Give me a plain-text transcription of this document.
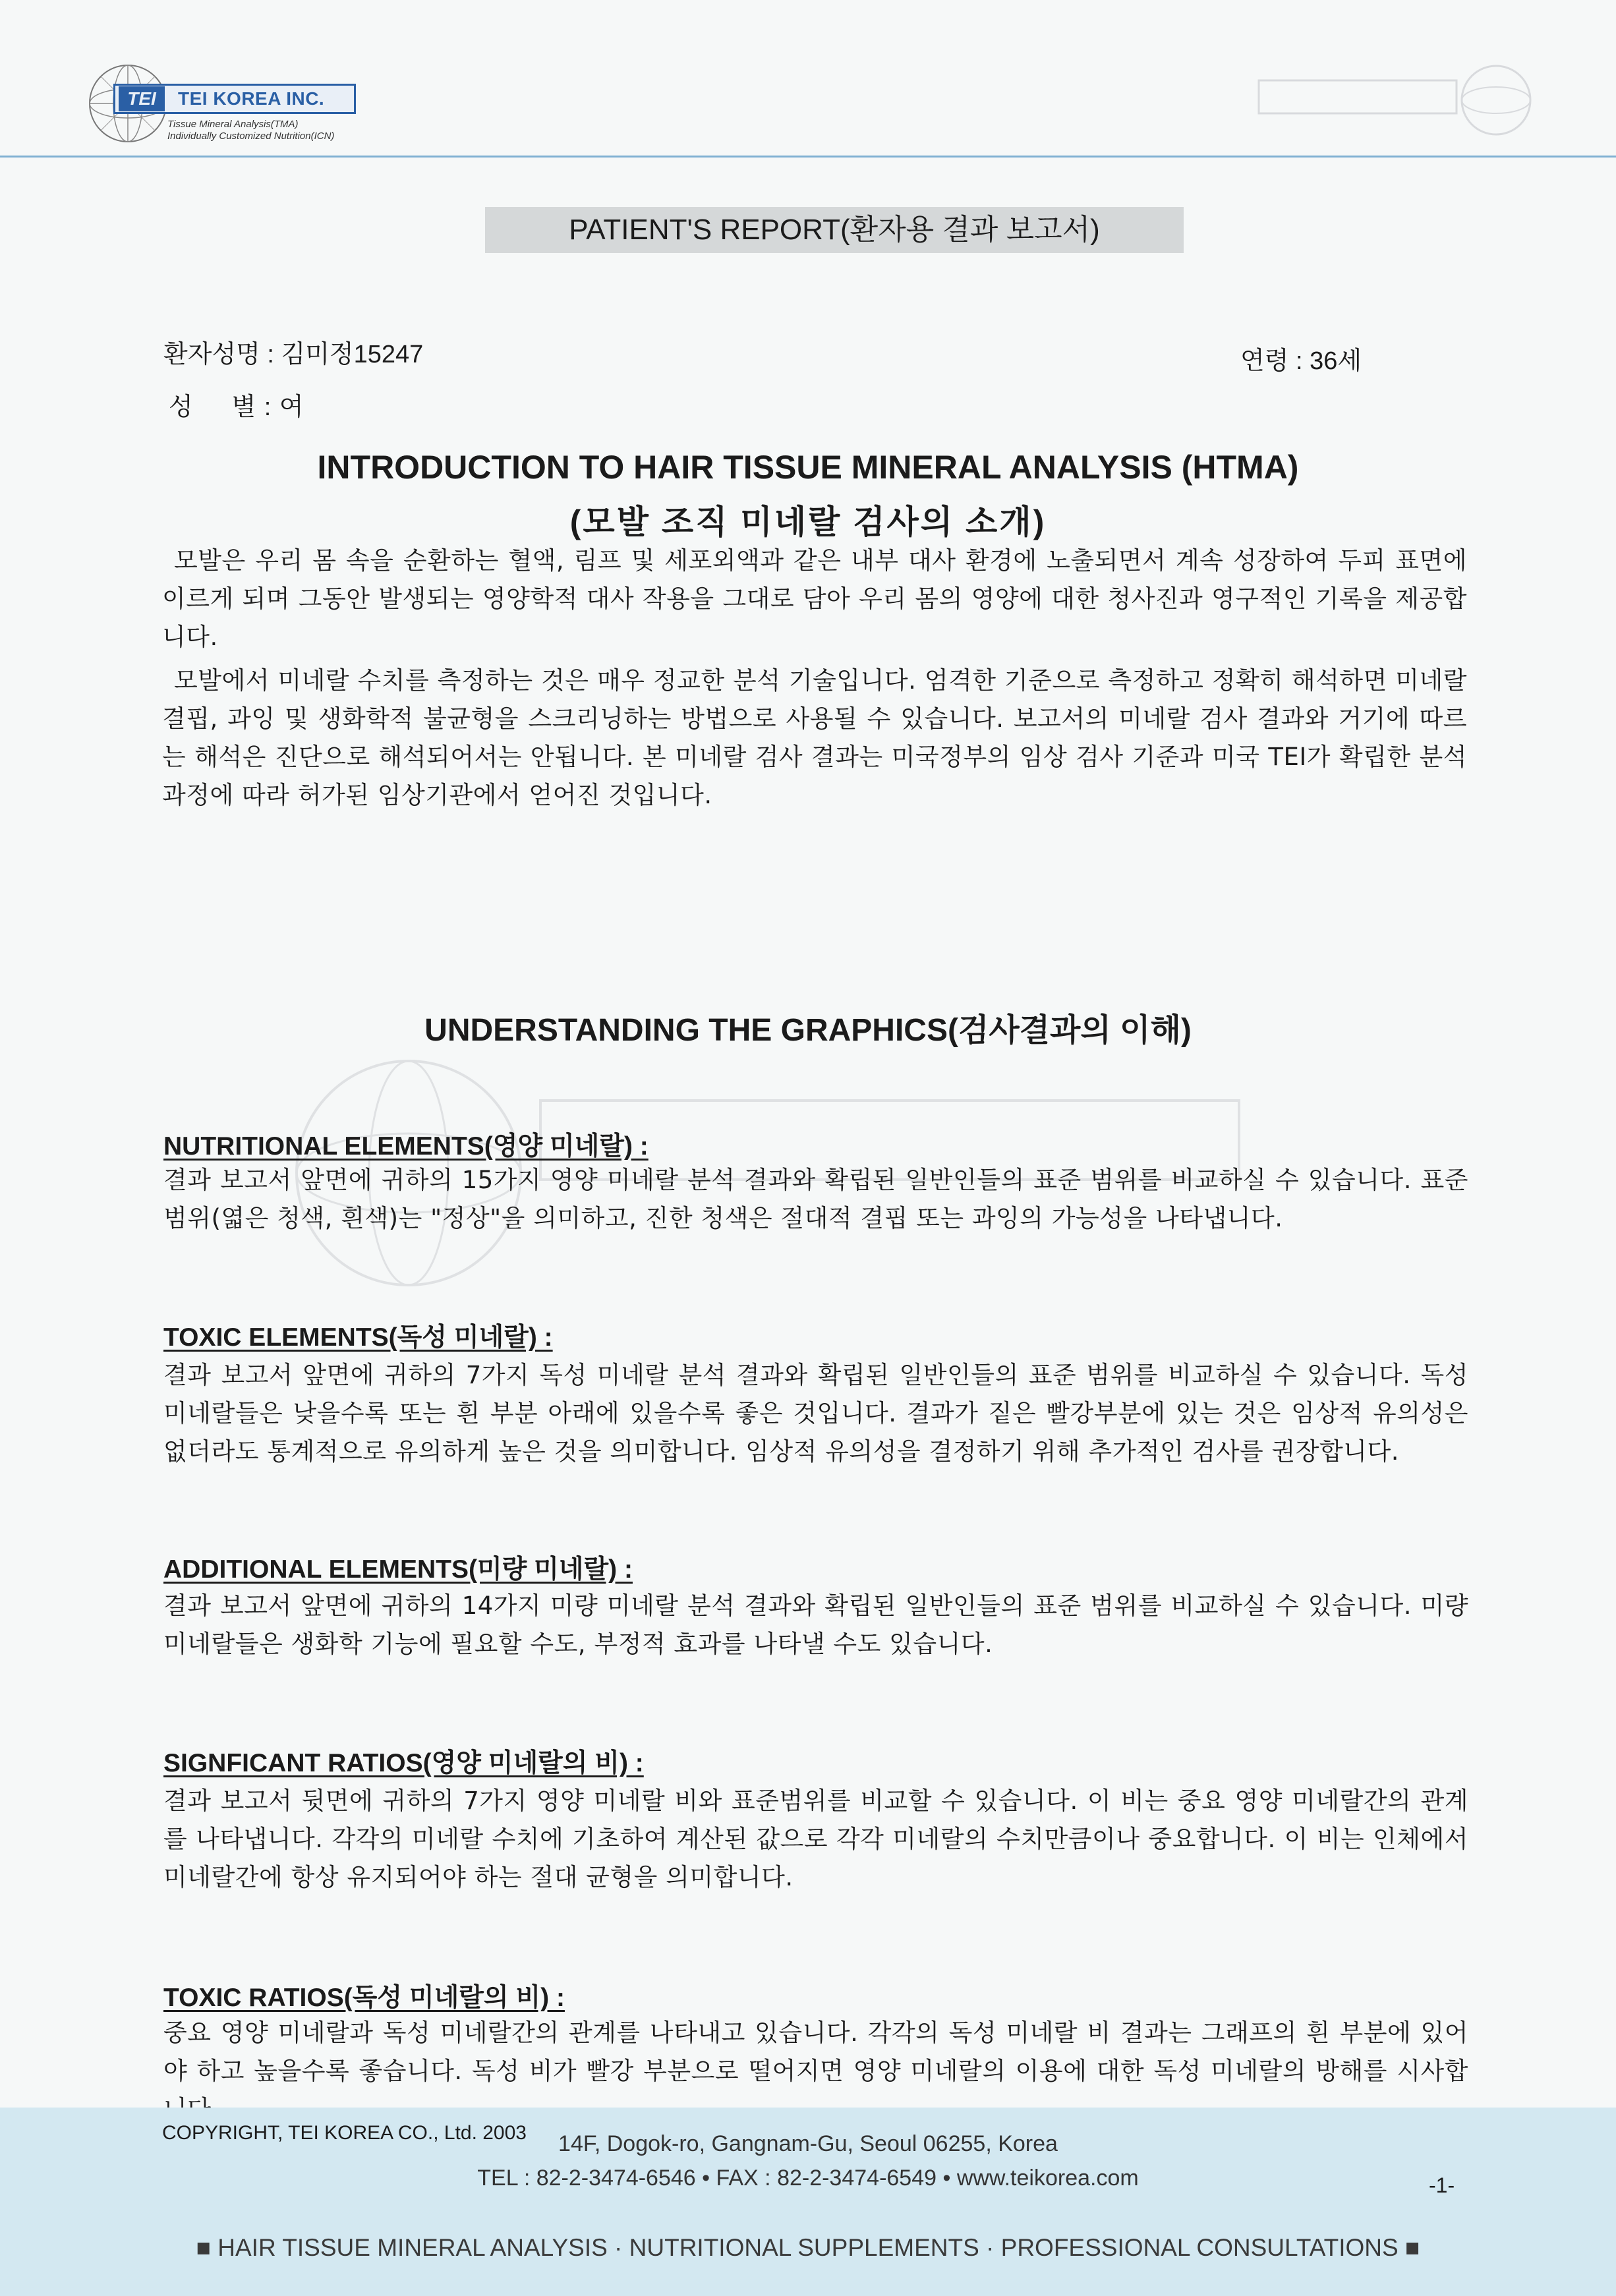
TEI	TEI KOREA INC.
Tissue Mineral Analysis(TMA)
Individually Customized Nutrition(ICN)
PATIENT'S REPORT(환자용 결과 보고서)
환자성명 : 김미정15247	연령 : 36세
성     별 : 여
INTRODUCTION TO HAIR TISSUE MINERAL ANALYSIS (HTMA)
(모발 조직 미네랄 검사의 소개)
모발은 우리 몸 속을 순환하는 혈액, 림프 및 세포외액과 같은 내부 대사 환경에 노출되면서 계속 성장하여 두피 표면에 이르게 되며 그동안 발생되는 영양학적 대사 작용을 그대로 담아 우리 몸의 영양에 대한 청사진과 영구적인 기록을 제공합니다.
모발에서 미네랄 수치를 측정하는 것은 매우 정교한 분석 기술입니다. 엄격한 기준으로 측정하고 정확히 해석하면 미네랄 결핍, 과잉 및 생화학적 불균형을 스크리닝하는 방법으로 사용될 수 있습니다. 보고서의 미네랄 검사 결과와 거기에 따르는 해석은 진단으로 해석되어서는 안됩니다. 본 미네랄 검사 결과는 미국정부의 임상 검사 기준과 미국 TEI가 확립한 분석과정에 따라 허가된 임상기관에서 얻어진 것입니다.
UNDERSTANDING THE GRAPHICS(검사결과의 이해)
NUTRITIONAL ELEMENTS(영양 미네랄) :
결과 보고서 앞면에 귀하의 15가지 영양 미네랄 분석 결과와 확립된 일반인들의 표준 범위를 비교하실 수 있습니다. 표준범위(엷은 청색, 흰색)는 "정상"을 의미하고, 진한 청색은 절대적 결핍 또는 과잉의 가능성을 나타냅니다.
TOXIC ELEMENTS(독성 미네랄) :
결과 보고서 앞면에 귀하의 7가지 독성 미네랄 분석 결과와 확립된 일반인들의 표준 범위를 비교하실 수 있습니다. 독성 미네랄들은 낮을수록 또는 흰 부분 아래에 있을수록 좋은 것입니다. 결과가 짙은 빨강부분에 있는 것은 임상적 유의성은 없더라도 통계적으로 유의하게 높은 것을 의미합니다. 임상적 유의성을 결정하기 위해 추가적인 검사를 권장합니다.
ADDITIONAL ELEMENTS(미량 미네랄) :
결과 보고서 앞면에 귀하의 14가지 미량 미네랄 분석 결과와 확립된 일반인들의 표준 범위를 비교하실 수 있습니다. 미량 미네랄들은 생화학 기능에 필요할 수도, 부정적 효과를 나타낼 수도 있습니다.
SIGNFICANT RATIOS(영양 미네랄의 비) :
결과 보고서 뒷면에 귀하의 7가지 영양 미네랄 비와 표준범위를 비교할 수 있습니다. 이 비는 중요 영양 미네랄간의 관계를 나타냅니다. 각각의 미네랄 수치에 기초하여 계산된 값으로 각각 미네랄의 수치만큼이나 중요합니다. 이 비는 인체에서 미네랄간에 항상 유지되어야 하는 절대 균형을 의미합니다.
TOXIC RATIOS(독성 미네랄의 비) :
중요 영양 미네랄과 독성 미네랄간의 관계를 나타내고 있습니다. 각각의 독성 미네랄 비 결과는 그래프의 흰 부분에 있어야 하고 높을수록 좋습니다. 독성 비가 빨강 부분으로 떨어지면 영양 미네랄의 이용에 대한 독성 미네랄의 방해를 시사합
COPYRIGHT, TEI KOREA CO., Ltd. 2003	14F, Dogok-ro, Gangnam-Gu, Seoul 06255, Korea
TEL : 82-2-3474-6546 • FAX : 82-2-3474-6549 • www.teikorea.com	-1-
■ HAIR TISSUE MINERAL ANALYSIS · NUTRITIONAL SUPPLEMENTS · PROFESSIONAL CONSULTATIONS ■
